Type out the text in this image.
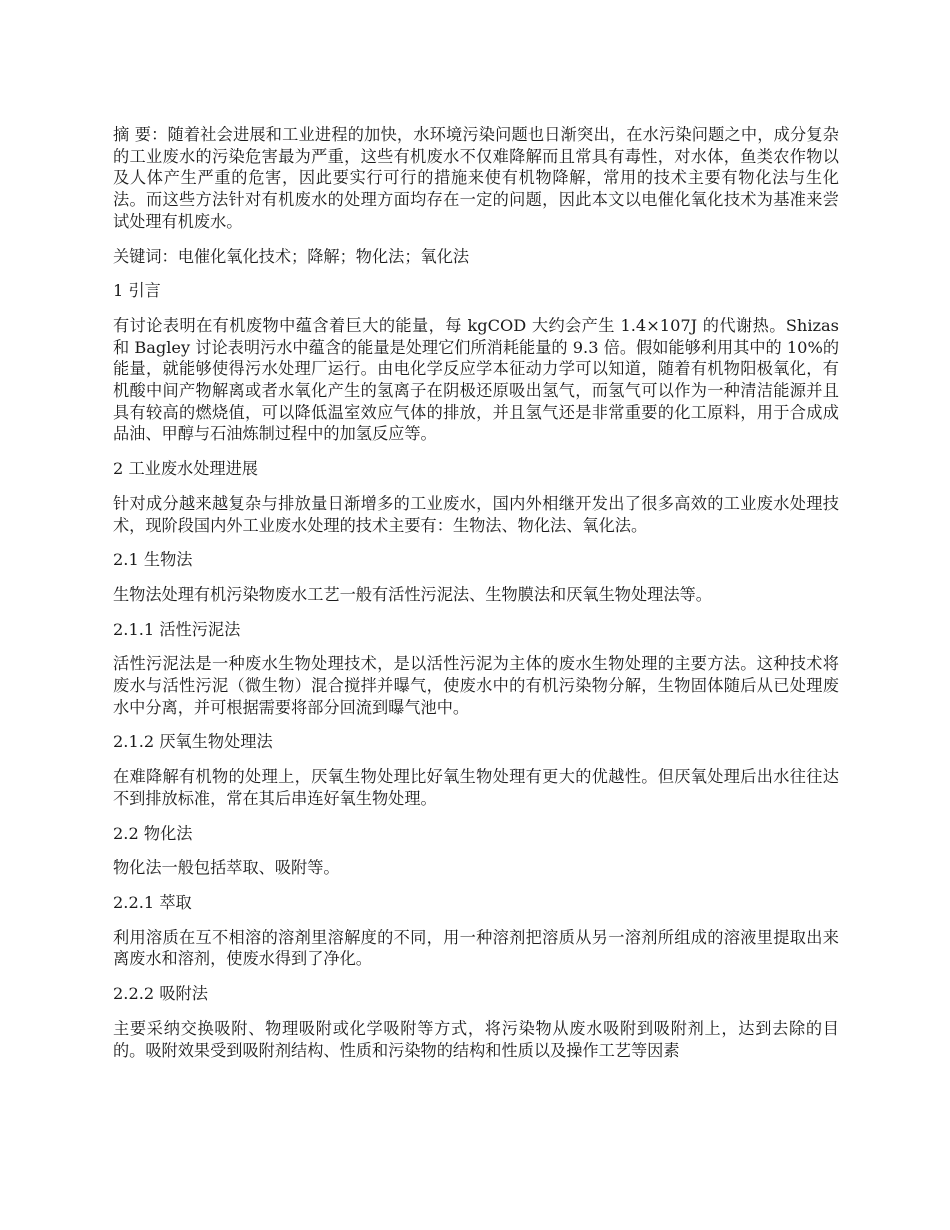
摘 要：随着社会进展和工业进程的加快，水环境污染问题也日渐突出，在水污染问题之中，成分复杂的工业废水的污染危害最为严重，这些有机废水不仅难降解而且常具有毒性，对水体，鱼类农作物以及人体产生严重的危害，因此要实行可行的措施来使有机物降解，常用的技术主要有物化法与生化法。而这些方法针对有机废水的处理方面均存在一定的问题，因此本文以电催化氧化技术为基准来尝试处理有机废水。

关键词：电催化氧化技术；降解；物化法；氧化法

1 引言

有讨论表明在有机废物中蕴含着巨大的能量，每 kgCOD 大约会产生 1.4×107J 的代谢热。Shizas 和 Bagley 讨论表明污水中蕴含的能量是处理它们所消耗能量的 9.3 倍。假如能够利用其中的 10%的能量，就能够使得污水处理厂运行。由电化学反应学本征动力学可以知道，随着有机物阳极氧化，有机酸中间产物解离或者水氧化产生的氢离子在阴极还原吸出氢气，而氢气可以作为一种清洁能源并且具有较高的燃烧值，可以降低温室效应气体的排放，并且氢气还是非常重要的化工原料，用于合成成品油、甲醇与石油炼制过程中的加氢反应等。

2 工业废水处理进展

针对成分越来越复杂与排放量日渐增多的工业废水，国内外相继开发出了很多高效的工业废水处理技术，现阶段国内外工业废水处理的技术主要有：生物法、物化法、氧化法。

2.1 生物法

生物法处理有机污染物废水工艺一般有活性污泥法、生物膜法和厌氧生物处理法等。

2.1.1 活性污泥法

活性污泥法是一种废水生物处理技术，是以活性污泥为主体的废水生物处理的主要方法。这种技术将废水与活性污泥（微生物）混合搅拌并曝气，使废水中的有机污染物分解，生物固体随后从已处理废水中分离，并可根据需要将部分回流到曝气池中。

2.1.2 厌氧生物处理法

在难降解有机物的处理上，厌氧生物处理比好氧生物处理有更大的优越性。但厌氧处理后出水往往达不到排放标准，常在其后串连好氧生物处理。

2.2 物化法

物化法一般包括萃取、吸附等。

2.2.1 萃取

利用溶质在互不相溶的溶剤里溶解度的不同，用一种溶剂把溶质从另一溶剂所组成的溶液里提取出来离废水和溶剂，使废水得到了净化。

2.2.2 吸附法

主要采纳交换吸附、物理吸附或化学吸附等方式，将污染物从废水吸附到吸附剂上，达到去除的目的。吸附效果受到吸附剂结构、性质和污染物的结构和性质以及操作工艺等因素
